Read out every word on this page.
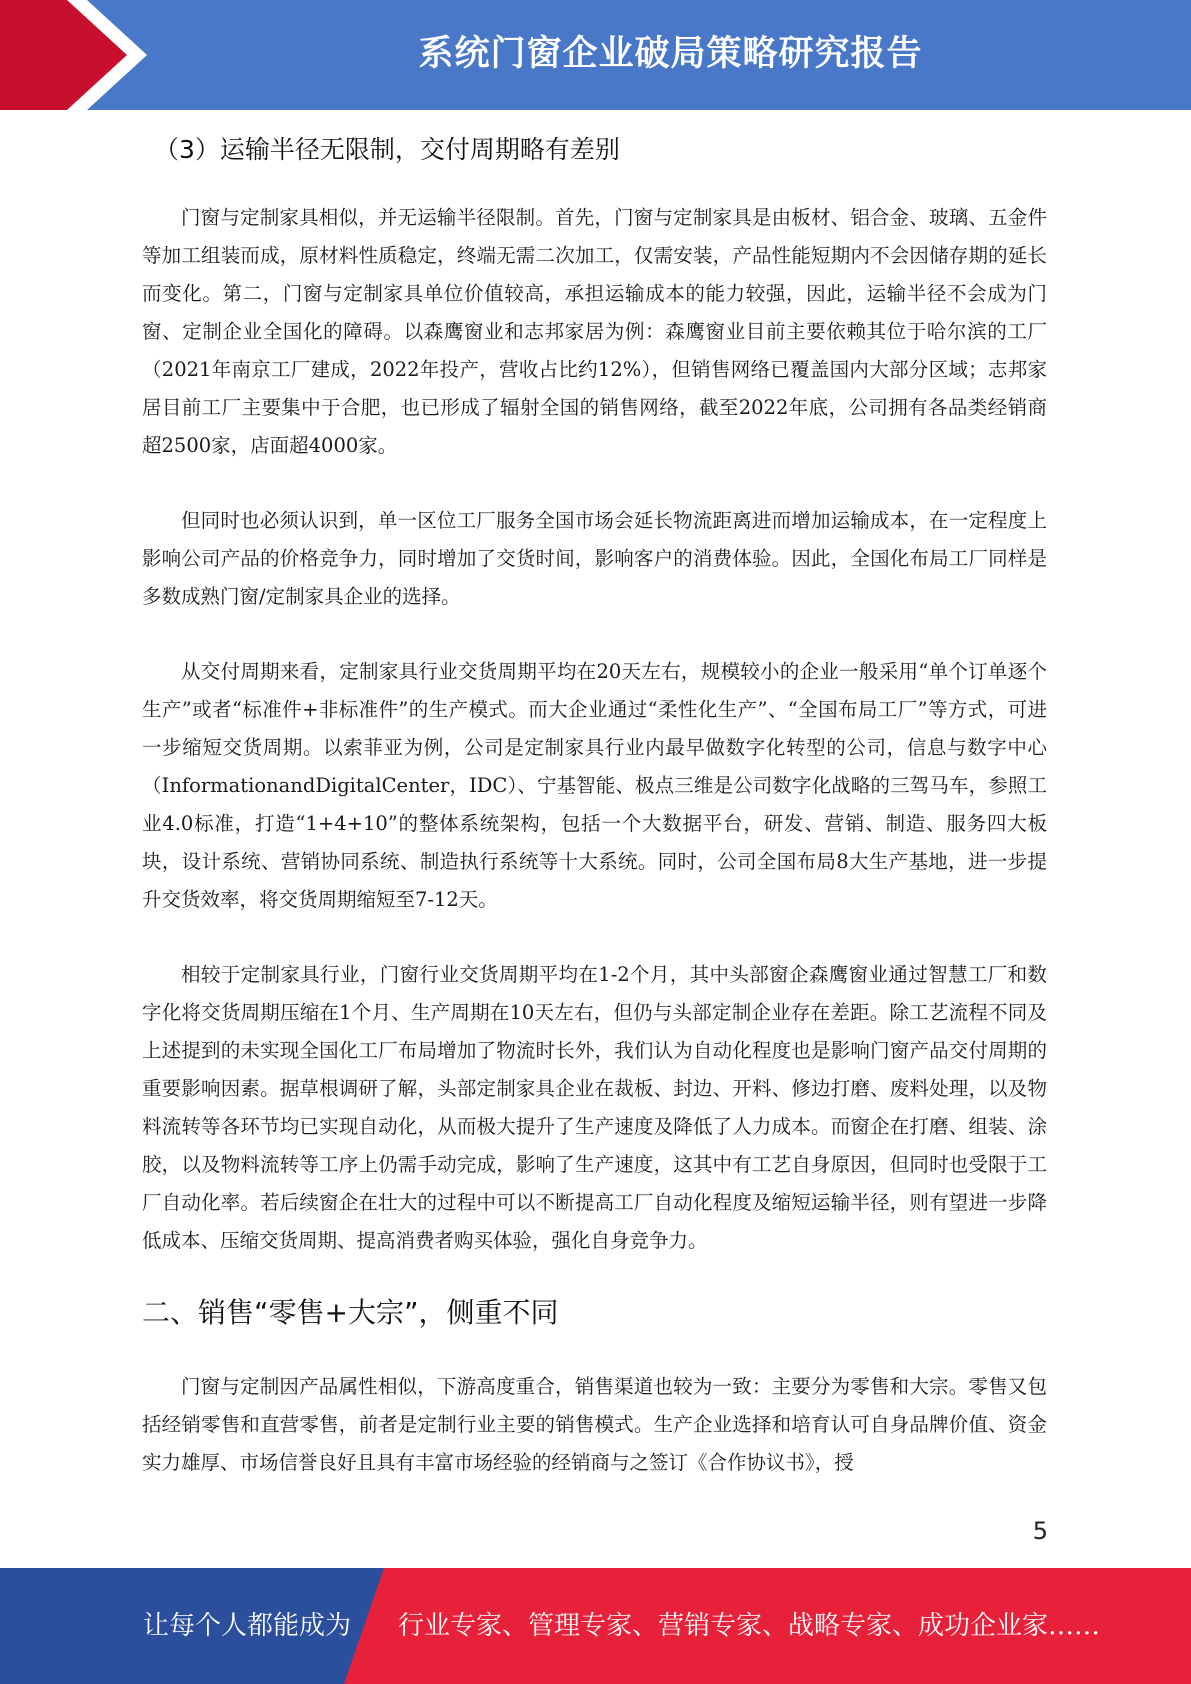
系统门窗企业破局策略研究报告
（3）运输半径无限制，交付周期略有差别

门窗与定制家具相似，并无运输半径限制。首先，门窗与定制家具是由板材、铝合金、玻璃、五金件等加工组装而成，原材料性质稳定，终端无需二次加工，仅需安装，产品性能短期内不会因储存期的延长而变化。第二，门窗与定制家具单位价值较高，承担运输成本的能力较强，因此，运输半径不会成为门窗、定制企业全国化的障碍。以森鹰窗业和志邦家居为例：森鹰窗业目前主要依赖其位于哈尔滨的工厂（2021年南京工厂建成，2022年投产，营收占比约12%），但销售网络已覆盖国内大部分区域；志邦家居目前工厂主要集中于合肥，也已形成了辐射全国的销售网络，截至2022年底，公司拥有各品类经销商超2500家，店面超4000家。

但同时也必须认识到，单一区位工厂服务全国市场会延长物流距离进而增加运输成本，在一定程度上影响公司产品的价格竞争力，同时增加了交货时间，影响客户的消费体验。因此，全国化布局工厂同样是多数成熟门窗/定制家具企业的选择。

从交付周期来看，定制家具行业交货周期平均在20天左右，规模较小的企业一般采用“单个订单逐个生产”或者“标准件+非标准件”的生产模式。而大企业通过“柔性化生产”、“全国布局工厂”等方式，可进一步缩短交货周期。以索菲亚为例，公司是定制家具行业内最早做数字化转型的公司，信息与数字中心（InformationandDigitalCenter，IDC）、宁基智能、极点三维是公司数字化战略的三驾马车，参照工业4.0标准，打造“1+4+10”的整体系统架构，包括一个大数据平台，研发、营销、制造、服务四大板块，设计系统、营销协同系统、制造执行系统等十大系统。同时，公司全国布局8大生产基地，进一步提升交货效率，将交货周期缩短至7-12天。

相较于定制家具行业，门窗行业交货周期平均在1-2个月，其中头部窗企森鹰窗业通过智慧工厂和数字化将交货周期压缩在1个月、生产周期在10天左右，但仍与头部定制企业存在差距。除工艺流程不同及上述提到的未实现全国化工厂布局增加了物流时长外，我们认为自动化程度也是影响门窗产品交付周期的重要影响因素。据草根调研了解，头部定制家具企业在裁板、封边、开料、修边打磨、废料处理，以及物料流转等各环节均已实现自动化，从而极大提升了生产速度及降低了人力成本。而窗企在打磨、组装、涂胶，以及物料流转等工序上仍需手动完成，影响了生产速度，这其中有工艺自身原因，但同时也受限于工厂自动化率。若后续窗企在壮大的过程中可以不断提高工厂自动化程度及缩短运输半径，则有望进一步降低成本、压缩交货周期、提高消费者购买体验，强化自身竞争力。

二、销售“零售+大宗”，侧重不同

门窗与定制因产品属性相似，下游高度重合，销售渠道也较为一致：主要分为零售和大宗。零售又包括经销零售和直营零售，前者是定制行业主要的销售模式。生产企业选择和培育认可自身品牌价值、资金实力雄厚、市场信誉良好且具有丰富市场经验的经销商与之签订《合作协议书》，授

5
让每个人都能成为 行业专家、管理专家、营销专家、战略专家、成功企业家……
